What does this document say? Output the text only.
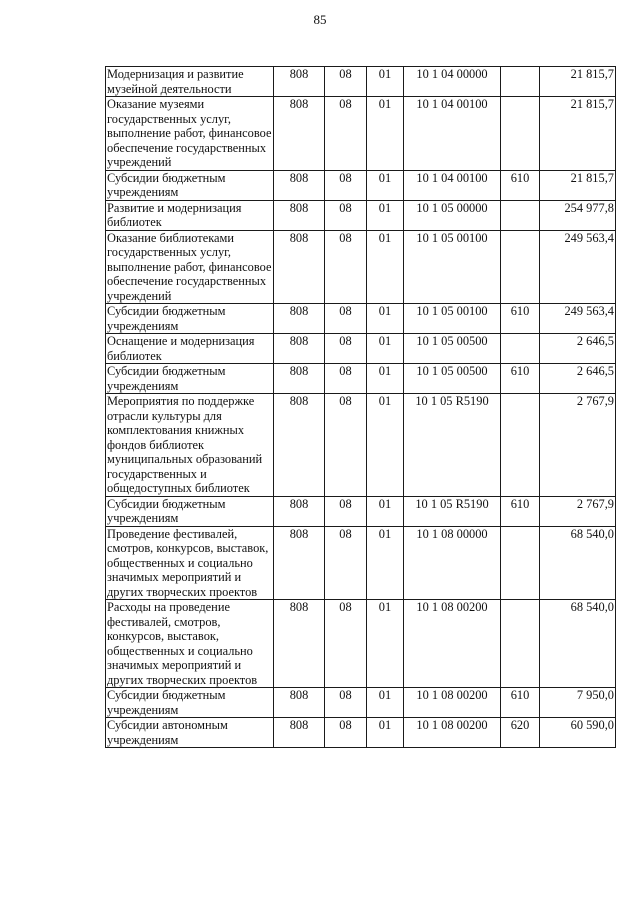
85
Модернизация и развитие музейной деятельности	808	08	01	10 1 04 00000		21 815,7
Оказание музеями государственных услуг, выполнение работ, финансовое обеспечение государственных учреждений	808	08	01	10 1 04 00100		21 815,7
Субсидии бюджетным учреждениям	808	08	01	10 1 04 00100	610	21 815,7
Развитие и модернизация библиотек	808	08	01	10 1 05 00000		254 977,8
Оказание библиотеками государственных услуг, выполнение работ, финансовое обеспечение государственных учреждений	808	08	01	10 1 05 00100		249 563,4
Субсидии бюджетным учреждениям	808	08	01	10 1 05 00100	610	249 563,4
Оснащение и модернизация библиотек	808	08	01	10 1 05 00500		2 646,5
Субсидии бюджетным учреждениям	808	08	01	10 1 05 00500	610	2 646,5
Мероприятия по поддержке отрасли культуры для комплектования книжных фондов библиотек муниципальных образований государственных и общедоступных библиотек	808	08	01	10 1 05 R5190		2 767,9
Субсидии бюджетным учреждениям	808	08	01	10 1 05 R5190	610	2 767,9
Проведение фестивалей, смотров, конкурсов, выставок, общественных и социально значимых мероприятий и других творческих проектов	808	08	01	10 1 08 00000		68 540,0
Расходы на проведение фестивалей, смотров, конкурсов, выставок, общественных и социально значимых мероприятий и других творческих проектов	808	08	01	10 1 08 00200		68 540,0
Субсидии бюджетным учреждениям	808	08	01	10 1 08 00200	610	7 950,0
Субсидии автономным учреждениям	808	08	01	10 1 08 00200	620	60 590,0
